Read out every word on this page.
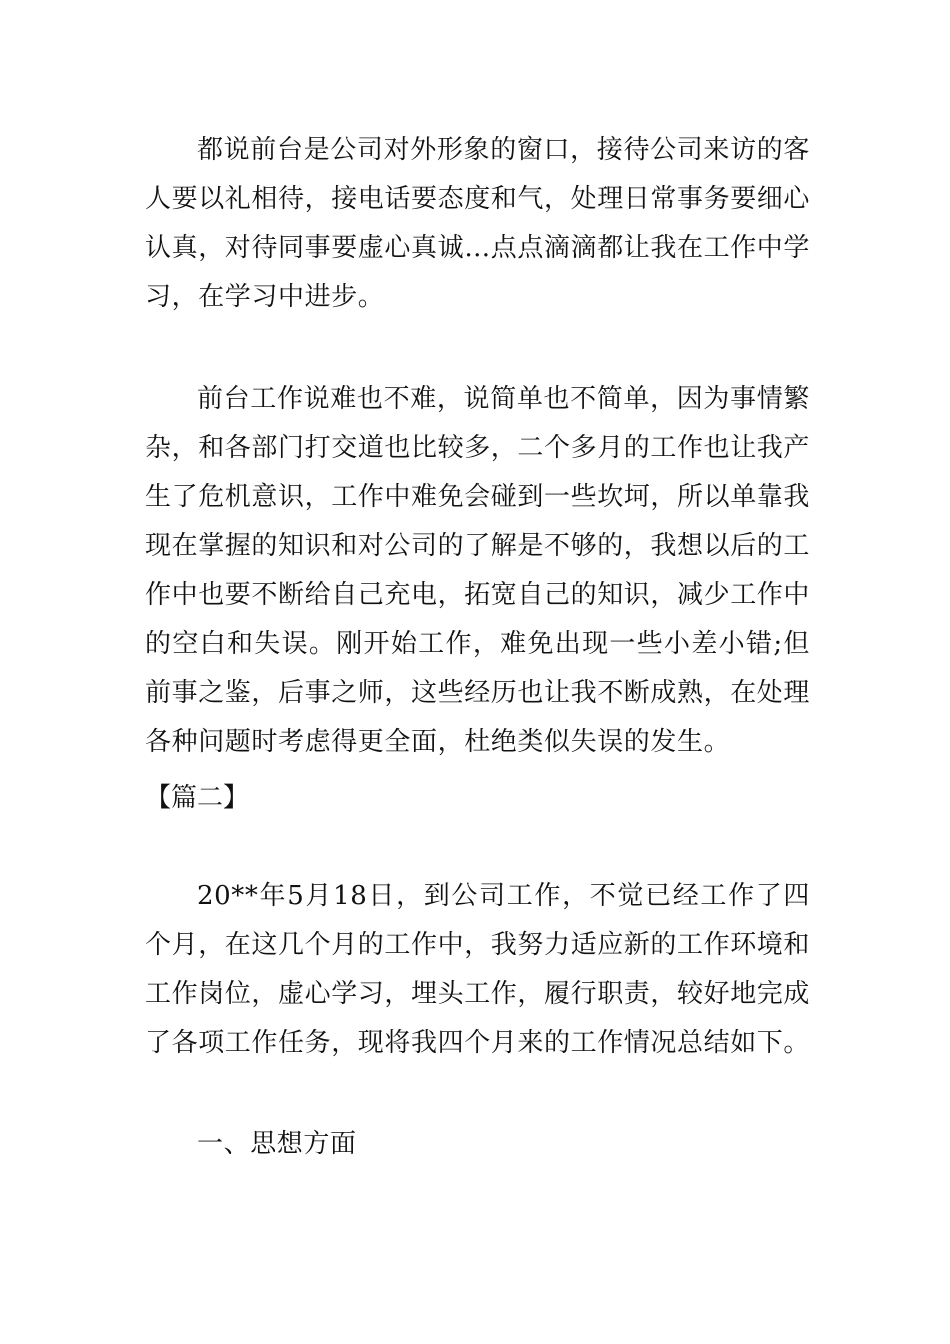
都说前台是公司对外形象的窗口，接待公司来访的客人要以礼相待，接电话要态度和气，处理日常事务要细心认真，对待同事要虚心真诚…点点滴滴都让我在工作中学习，在学习中进步。

前台工作说难也不难，说简单也不简单，因为事情繁杂，和各部门打交道也比较多，二个多月的工作也让我产生了危机意识，工作中难免会碰到一些坎坷，所以单靠我现在掌握的知识和对公司的了解是不够的，我想以后的工作中也要不断给自己充电，拓宽自己的知识，减少工作中的空白和失误。刚开始工作，难免出现一些小差小错;但前事之鉴，后事之师，这些经历也让我不断成熟，在处理各种问题时考虑得更全面，杜绝类似失误的发生。

【篇二】

20**年5月18日，到公司工作，不觉已经工作了四个月，在这几个月的工作中，我努力适应新的工作环境和工作岗位，虚心学习，埋头工作，履行职责，较好地完成了各项工作任务，现将我四个月来的工作情况总结如下。

一、思想方面
